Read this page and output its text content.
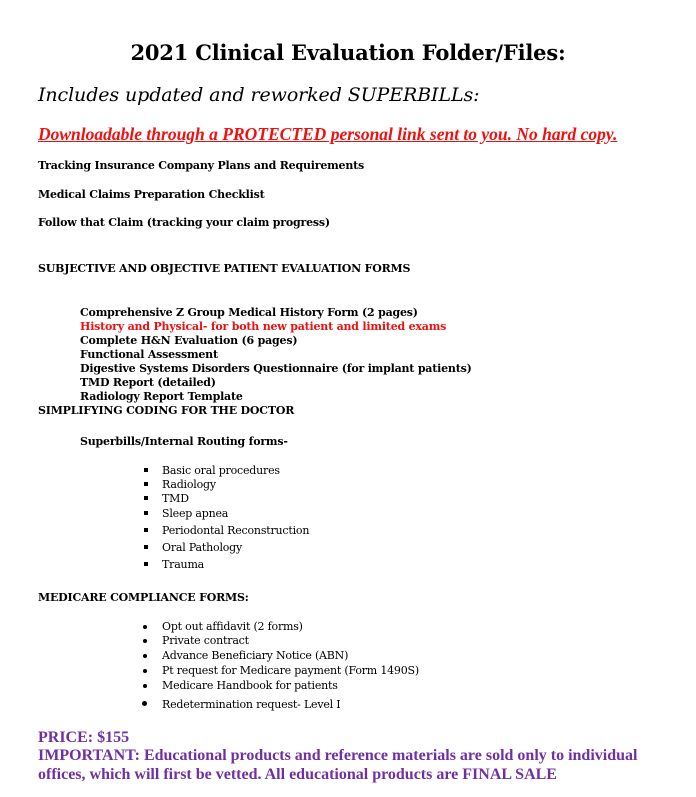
2021 Clinical Evaluation Folder/Files:
Includes updated and reworked SUPERBILLs:
Downloadable through a PROTECTED personal link sent to you. No hard copy.
Tracking Insurance Company Plans and Requirements
Medical Claims Preparation Checklist
Follow that Claim (tracking your claim progress)
SUBJECTIVE AND OBJECTIVE PATIENT EVALUATION FORMS
Comprehensive Z Group Medical History Form (2 pages)
History and Physical- for both new patient and limited exams
Complete H&N Evaluation (6 pages)
Functional Assessment
Digestive Systems Disorders Questionnaire (for implant patients)
TMD Report (detailed)
Radiology Report Template
SIMPLIFYING CODING FOR THE DOCTOR
Superbills/Internal Routing forms-
Basic oral procedures
Radiology
TMD
Sleep apnea
Periodontal Reconstruction
Oral Pathology
Trauma
MEDICARE COMPLIANCE FORMS:
Opt out affidavit (2 forms)
Private contract
Advance Beneficiary Notice (ABN)
Pt request for Medicare payment (Form 1490S)
Medicare Handbook for patients
Redetermination request- Level I
PRICE: $155
IMPORTANT: Educational products and reference materials are sold only to individual
offices, which will first be vetted. All educational products are FINAL SALE
